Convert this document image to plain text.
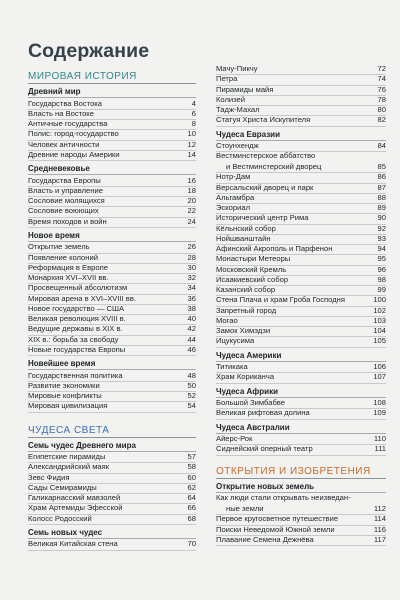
Содержание
МИРОВАЯ ИСТОРИЯ
Древний мир
Государства Востока	4
Власть на Востоке	6
Античные государства	8
Полис: город-государство	10
Человек античности	12
Древние народы Америки	14
Средневековье
Государства Европы	16
Власть и управление	18
Сословие молящихся	20
Сословие воюющих	22
Время походов и войн	24
Новое время
Открытие земель	26
Появление колоний	28
Реформация в Европе	30
Монархия XVI–XVII вв.	32
Просвещенный абсолютизм	34
Мировая арена в XVI–XVIII вв.	36
Новое государство — США	38
Великая революция XVIII в.	40
Ведущие державы в XIX в.	42
XIX в.: борьба за свободу	44
Новые государства Европы	46
Новейшее время
Государственная политика	48
Развитие экономики	50
Мировые конфликты	52
Мировая цивилизация	54
ЧУДЕСА СВЕТА
Семь чудес Древнего мира
Египетские пирамиды	57
Александрийский маяк	58
Зевс Фидия	60
Сады Семирамиды	62
Галикарнасский мавзолей	64
Храм Артемиды Эфесской	66
Колосс Родосский	68
Семь новых чудес
Великая Китайская стена	70
Мачу-Пикчу	72
Петра	74
Пирамиды майя	76
Колизей	78
Тадж-Махал	80
Статуя Христа Искупителя	82
Чудеса Евразии
Стоунхендж	84
Вестминстерское аббатство
и Вестминстерский дворец	85
Нотр-Дам	86
Версальский дворец и парк	87
Альгамбра	88
Эскориал	89
Исторический центр Рима	90
Кёльнский собор	92
Нойшванштайн	93
Афинский Акрополь и Парфенон	94
Монастыри Метеоры	95
Московский Кремль	96
Исаакиевский собор	98
Казанский собор	99
Стена Плача и храм Гроба Господня	100
Запретный город	102
Могао	103
Замок Химэдзи	104
Ицукусима	105
Чудеса Америки
Титикака	106
Храм Кориканча	107
Чудеса Африки
Большой Зимбабве	108
Великая рифтовая долина	109
Чудеса Австралии
Айерс-Рок	110
Сиднейский оперный театр	111
ОТКРЫТИЯ И ИЗОБРЕТЕНИЯ
Открытие новых земель
Как люди стали открывать неизведан-
ные земли	112
Первое кругосветное путешествие	114
Поиски Неведомой Южной земли	116
Плавание Семена Дежнёва	117
